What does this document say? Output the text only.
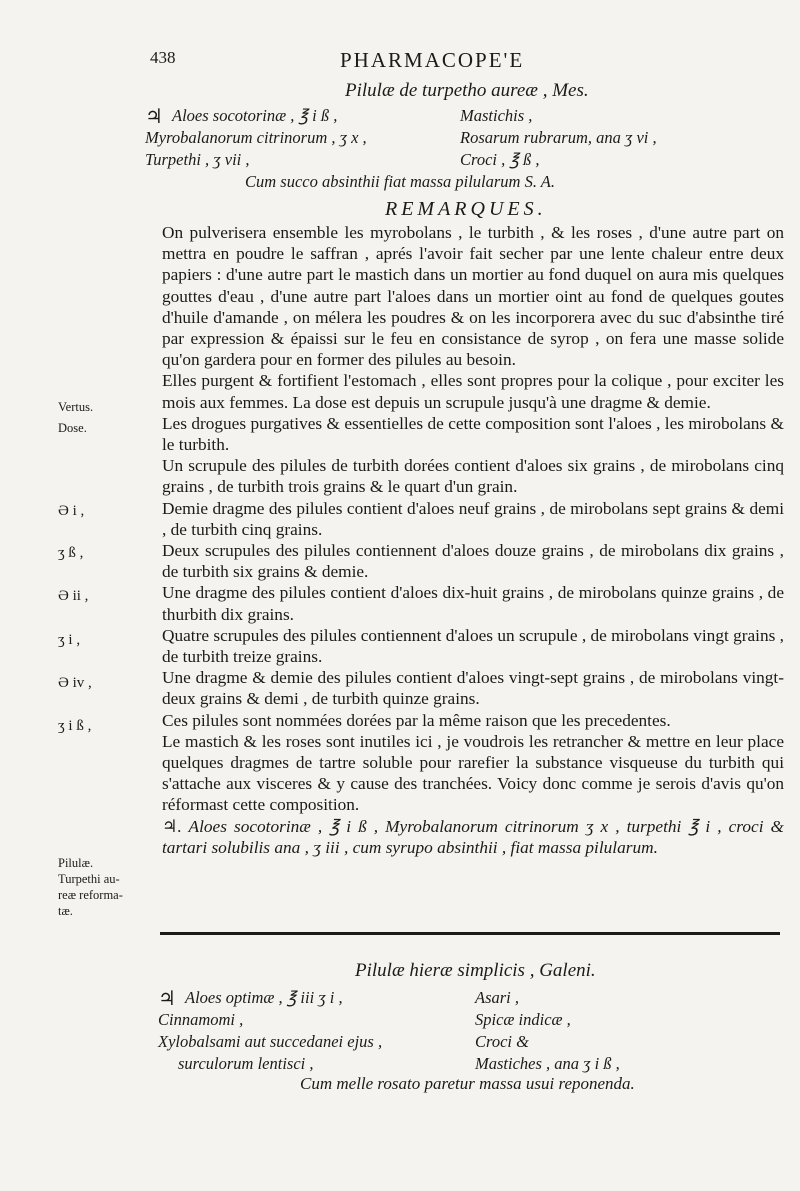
438	PHARMACOPE'E
Pilulæ de turpetho aureæ , Mes.
♃ Aloes socotorinæ , ℥ i ß ,
Myrobalanorum citrinorum , ʒ x ,
Turpethi , ʒ vii ,
Mastichis ,
Rosarum rubrarum, ana ʒ vi ,
Croci , ℥ ß ,
Cum succo absinthii fiat massa pilularum S. A.
REMARQUES.

On pulverisera ensemble les myrobolans , le turbith , & les roses , d'une autre part on mettra en poudre le saffran , aprés l'avoir fait secher par une lente chaleur entre deux papiers : d'une autre part le mastich dans un mortier au fond duquel on aura mis quelques gouttes d'eau , d'une autre part l'aloes dans un mortier oint au fond de quelques goutes d'huile d'amande , on mélera les poudres & on les incorporera avec du suc d'absinthe tiré par expression & épaissi sur le feu en consistance de syrop , on fera une masse solide qu'on gardera pour en former des pilules au besoin.

Elles purgent & fortifient l'estomach , elles sont propres pour la colique , pour exciter les mois aux femmes. La dose est depuis un scrupule jusqu'à une dragme & demie.

Les drogues purgatives & essentielles de cette composition sont l'aloes , les mirobolans & le turbith.

Un scrupule des pilules de turbith dorées contient d'aloes six grains , de mirobolans cinq grains , de turbith trois grains & le quart d'un grain.

Demie dragme des pilules contient d'aloes neuf grains , de mirobolans sept grains & demi , de turbith cinq grains.

Deux scrupules des pilules contiennent d'aloes douze grains , de mirobolans dix grains , de turbith six grains & demie.

Une dragme des pilules contient d'aloes dix-huit grains , de mirobolans quinze grains , de thurbith dix grains.

Quatre scrupules des pilules contiennent d'aloes un scrupule , de mirobolans vingt grains , de turbith treize grains.

Une dragme & demie des pilules contient d'aloes vingt-sept grains , de mirobolans vingt-deux grains & demi , de turbith quinze grains.

Ces pilules sont nommées dorées par la même raison que les precedentes.

Le mastich & les roses sont inutiles ici , je voudrois les retrancher & mettre en leur place quelques dragmes de tartre soluble pour rarefier la substance visqueuse du turbith qui s'attache aux visceres & y cause des tranchées. Voicy donc comme je serois d'avis qu'on réformast cette composition.

♃. Aloes socotorinæ , ℥ i ß , Myrobalanorum citrinorum ʒ x , turpethi ℥ i , croci & tartari solubilis ana , ʒ iii , cum syrupo absinthii , fiat massa pilularum.

Vertus.
Dose.
Ə i ,
ʒ ß ,
Ə ii ,
ʒ i ,
Ə iv ,
ʒ i ß ,
Pilulæ.
Turpethi au-
reæ reforma-
tæ.
Pilulæ hieræ simplicis , Galeni.
♃ Aloes optimæ , ℥ iii ʒ i ,
Cinnamomi ,
Xylobalsami aut succedanei ejus ,
surculorum lentisci ,
Asari ,
Spicæ indicæ ,
Croci &
Mastiches , ana ʒ i ß ,
Cum melle rosato paretur massa usui reponenda.
